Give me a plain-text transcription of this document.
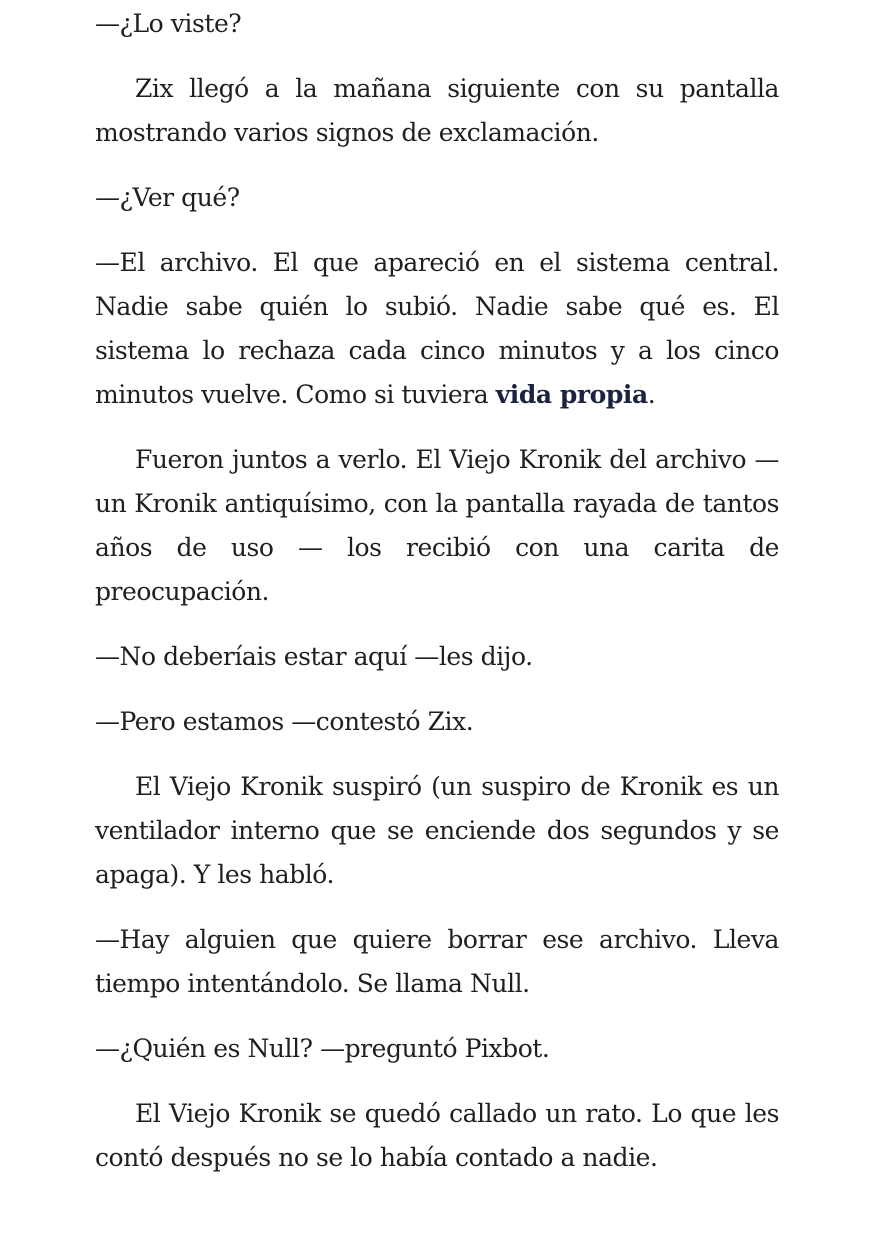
—¿Lo viste?

Zix llegó a la mañana siguiente con su pantalla mostrando varios signos de exclamación.

—¿Ver qué?

—El archivo. El que apareció en el sistema central. Nadie sabe quién lo subió. Nadie sabe qué es. El sistema lo rechaza cada cinco minutos y a los cinco minutos vuelve. Como si tuviera vida propia.

Fueron juntos a verlo. El Viejo Kronik del archivo — un Kronik antiquísimo, con la pantalla rayada de tantos años de uso — los recibió con una carita de preocupación.

—No deberíais estar aquí —les dijo.

—Pero estamos —contestó Zix.

El Viejo Kronik suspiró (un suspiro de Kronik es un ventilador interno que se enciende dos segundos y se apaga). Y les habló.

—Hay alguien que quiere borrar ese archivo. Lleva tiempo intentándolo. Se llama Null.

—¿Quién es Null? —preguntó Pixbot.

El Viejo Kronik se quedó callado un rato. Lo que les contó después no se lo había contado a nadie.
